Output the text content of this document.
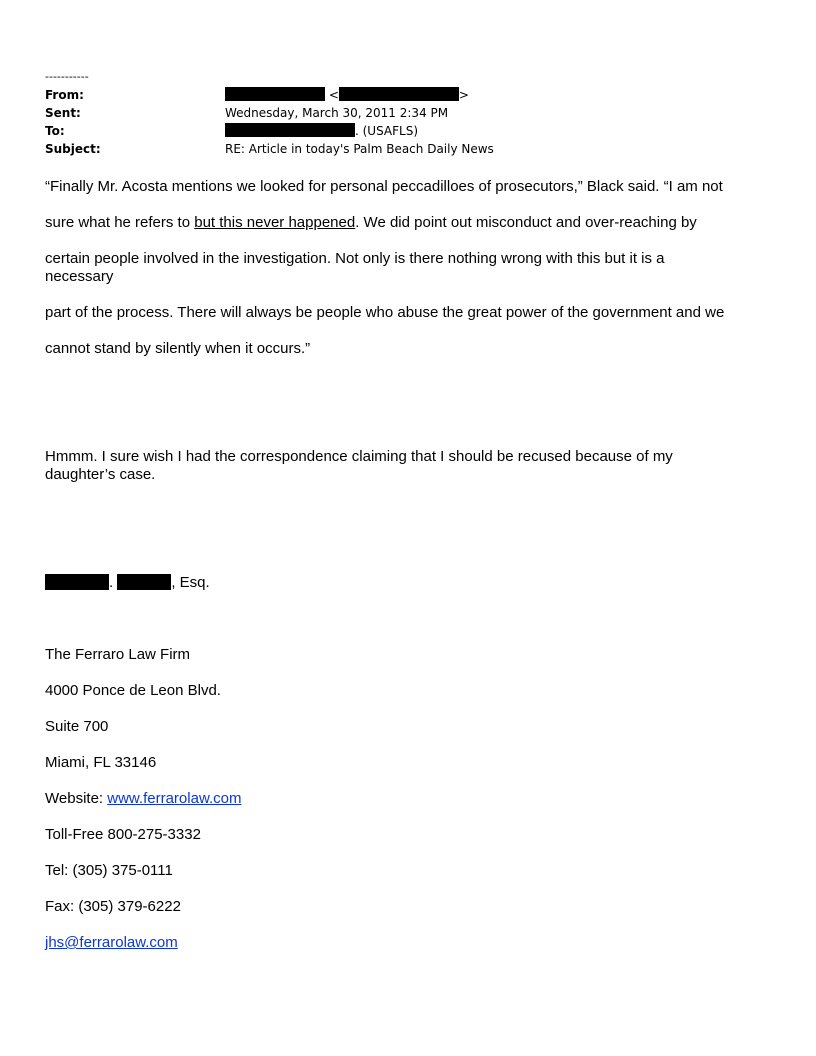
-----------
From:	<	>
Sent:	Wednesday, March 30, 2011 2:34 PM
To:	. (USAFLS)
Subject:	RE: Article in today's Palm Beach Daily News

“Finally Mr. Acosta mentions we looked for personal peccadilloes of prosecutors,” Black said. “I am not

sure what he refers to but this never happened. We did point out misconduct and over-reaching by

certain people involved in the investigation. Not only is there nothing wrong with this but it is a necessary

part of the process. There will always be people who abuse the great power of the government and we

cannot stand by silently when it occurs.”

Hmmm. I sure wish I had the correspondence claiming that I should be recused because of my daughter’s case.

.	, Esq.

The Ferraro Law Firm

4000 Ponce de Leon Blvd.

Suite 700

Miami, FL 33146

Website: www.ferrarolaw.com

Toll-Free 800-275-3332

Tel: (305) 375-0111

Fax: (305) 379-6222

jhs@ferrarolaw.com
